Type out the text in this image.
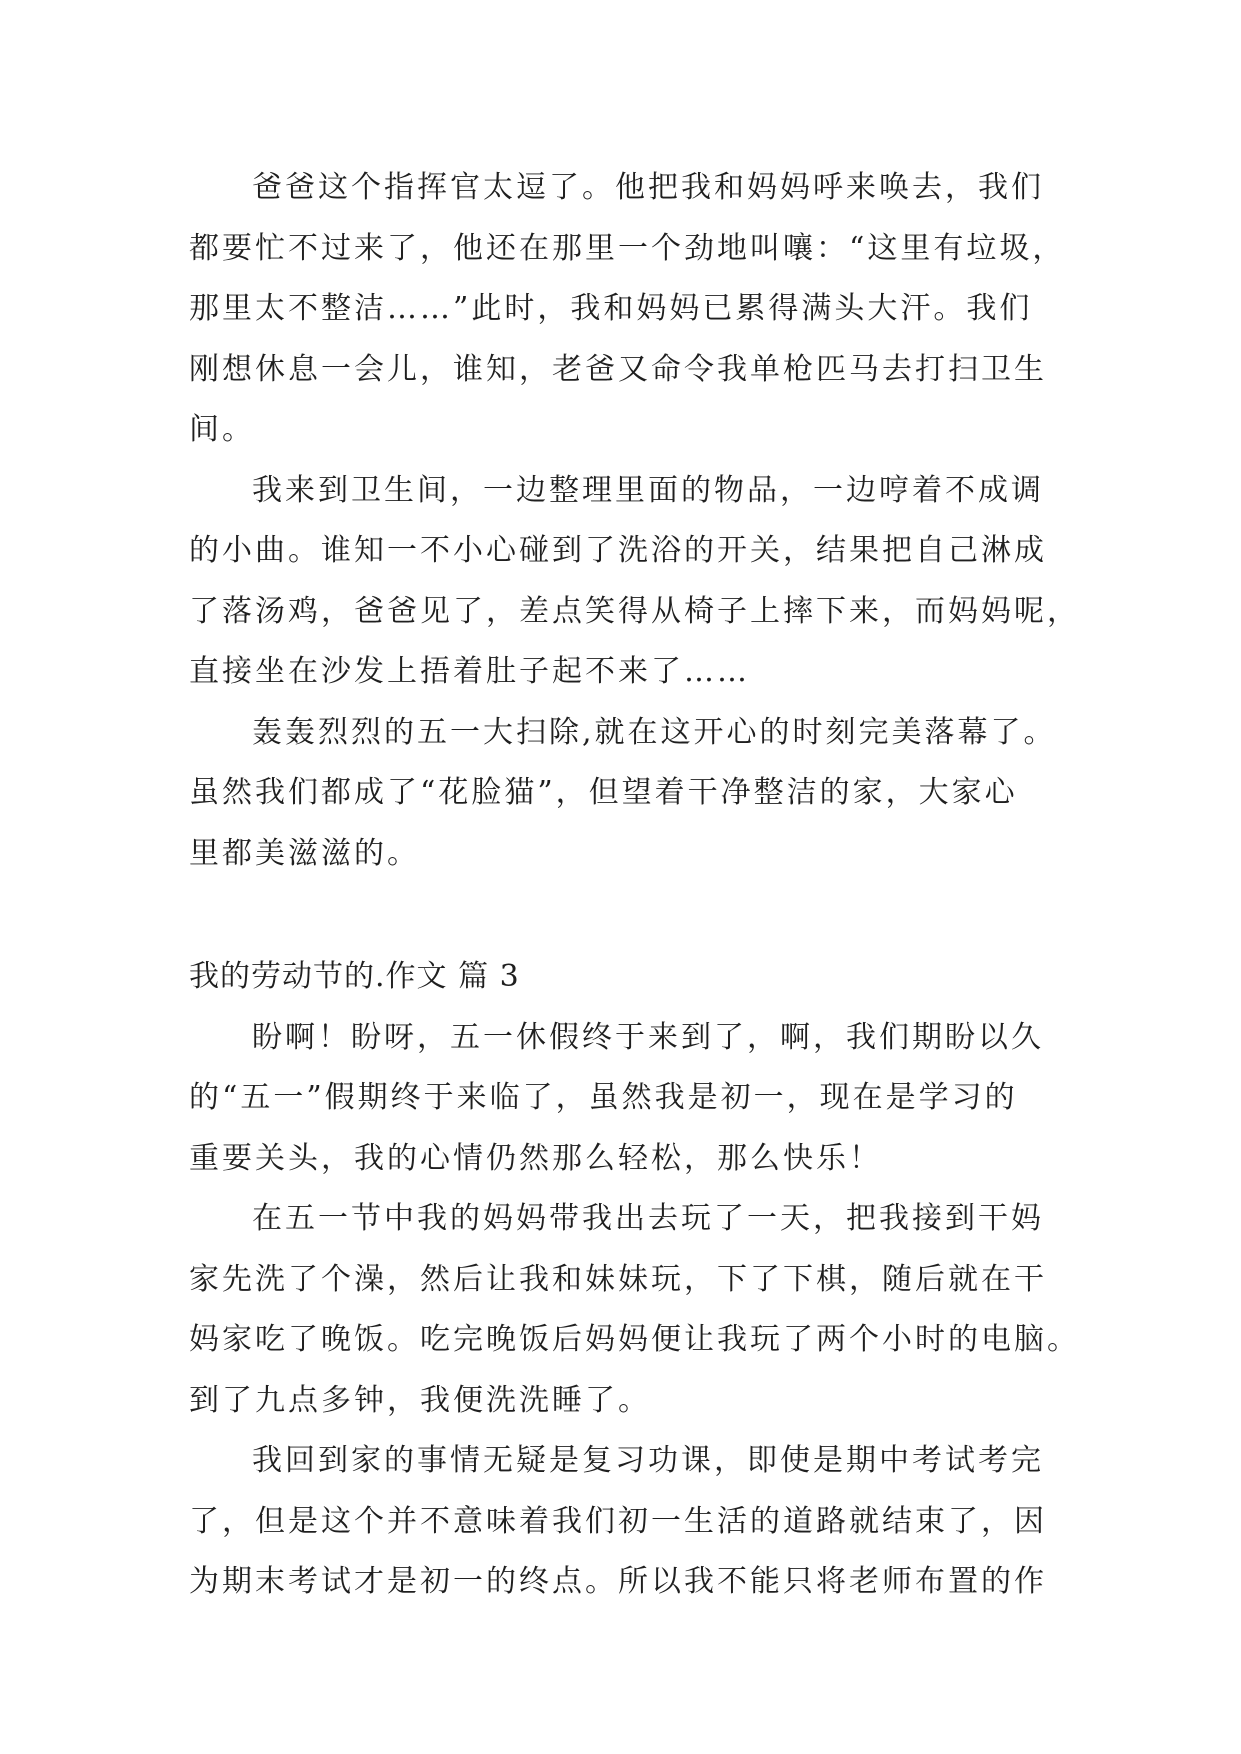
爸爸这个指挥官太逗了。他把我和妈妈呼来唤去，我们
都要忙不过来了，他还在那里一个劲地叫嚷：“这里有垃圾，
那里太不整洁……”此时，我和妈妈已累得满头大汗。我们
刚想休息一会儿，谁知，老爸又命令我单枪匹马去打扫卫生
间。
我来到卫生间，一边整理里面的物品，一边哼着不成调
的小曲。谁知一不小心碰到了洗浴的开关，结果把自己淋成
了落汤鸡，爸爸见了，差点笑得从椅子上摔下来，而妈妈呢，
直接坐在沙发上捂着肚子起不来了……
轰轰烈烈的五一大扫除,就在这开心的时刻完美落幕了。
虽然我们都成了“花脸猫”，但望着干净整洁的家，大家心
里都美滋滋的。
我的劳动节的.作文 篇 3
盼啊！盼呀，五一休假终于来到了，啊，我们期盼以久
的“五一”假期终于来临了，虽然我是初一，现在是学习的
重要关头，我的心情仍然那么轻松，那么快乐！
在五一节中我的妈妈带我出去玩了一天，把我接到干妈
家先洗了个澡，然后让我和妹妹玩，下了下棋，随后就在干
妈家吃了晚饭。吃完晚饭后妈妈便让我玩了两个小时的电脑。
到了九点多钟，我便洗洗睡了。
我回到家的事情无疑是复习功课，即使是期中考试考完
了，但是这个并不意味着我们初一生活的道路就结束了，因
为期末考试才是初一的终点。所以我不能只将老师布置的作
